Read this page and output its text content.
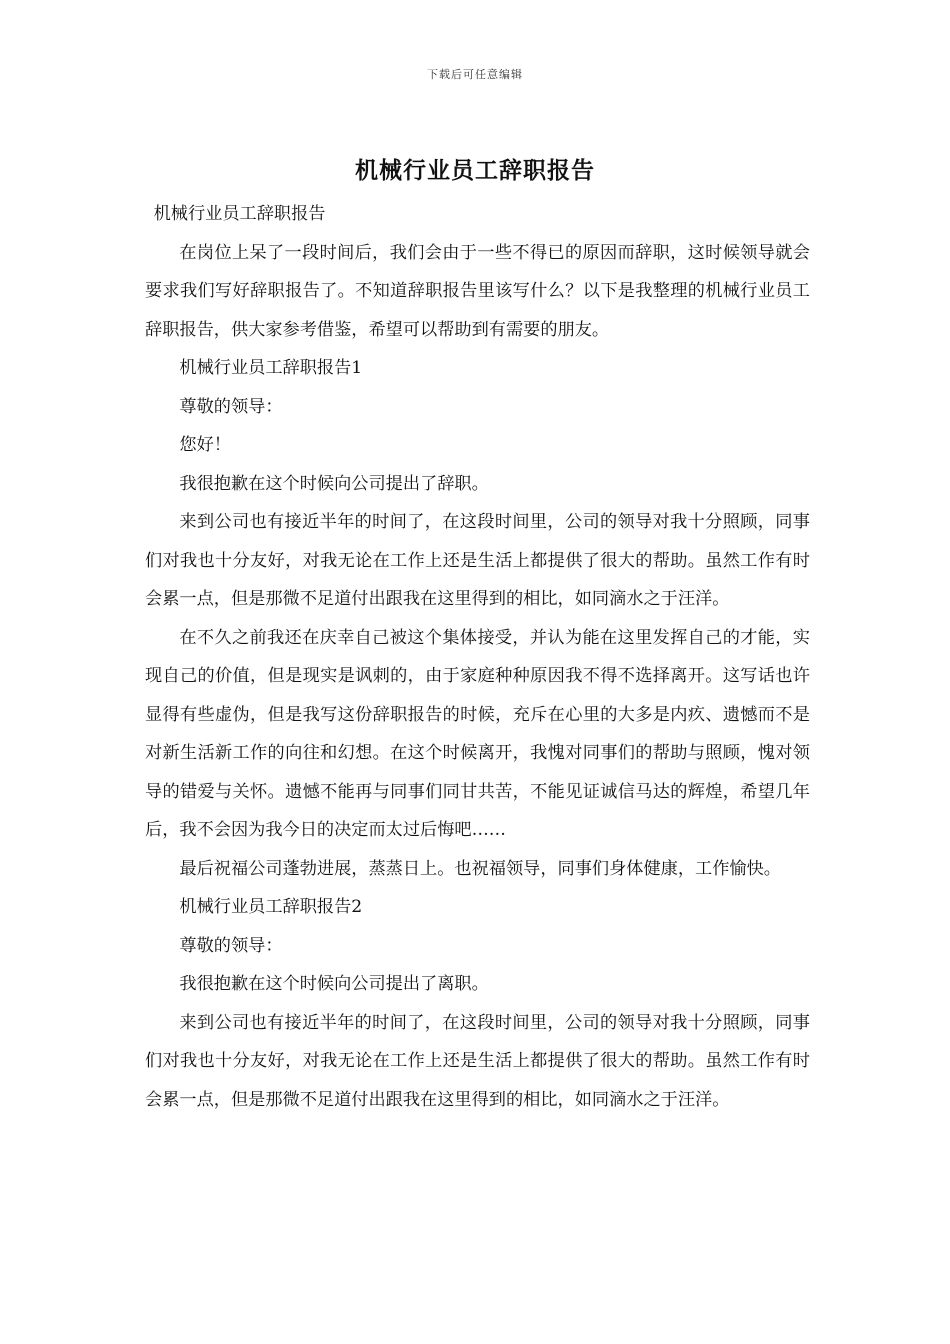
下载后可任意编辑
机械行业员工辞职报告

机械行业员工辞职报告

在岗位上呆了一段时间后，我们会由于一些不得已的原因而辞职，这时候领导就会要求我们写好辞职报告了。不知道辞职报告里该写什么？以下是我整理的机械行业员工辞职报告，供大家参考借鉴，希望可以帮助到有需要的朋友。

机械行业员工辞职报告1

尊敬的领导：

您好！

我很抱歉在这个时候向公司提出了辞职。

来到公司也有接近半年的时间了，在这段时间里，公司的领导对我十分照顾，同事们对我也十分友好，对我无论在工作上还是生活上都提供了很大的帮助。虽然工作有时会累一点，但是那微不足道付出跟我在这里得到的相比，如同滴水之于汪洋。

在不久之前我还在庆幸自己被这个集体接受，并认为能在这里发挥自己的才能，实现自己的价值，但是现实是讽刺的，由于家庭种种原因我不得不选择离开。这写话也许显得有些虚伪，但是我写这份辞职报告的时候，充斥在心里的大多是内疚、遗憾而不是对新生活新工作的向往和幻想。在这个时候离开，我愧对同事们的帮助与照顾，愧对领导的错爱与关怀。遗憾不能再与同事们同甘共苦，不能见证诚信马达的辉煌，希望几年后，我不会因为我今日的决定而太过后悔吧……

最后祝福公司蓬勃进展，蒸蒸日上。也祝福领导，同事们身体健康，工作愉快。

机械行业员工辞职报告2

尊敬的领导：

我很抱歉在这个时候向公司提出了离职。

来到公司也有接近半年的时间了，在这段时间里，公司的领导对我十分照顾，同事们对我也十分友好，对我无论在工作上还是生活上都提供了很大的帮助。虽然工作有时会累一点，但是那微不足道付出跟我在这里得到的相比，如同滴水之于汪洋。
